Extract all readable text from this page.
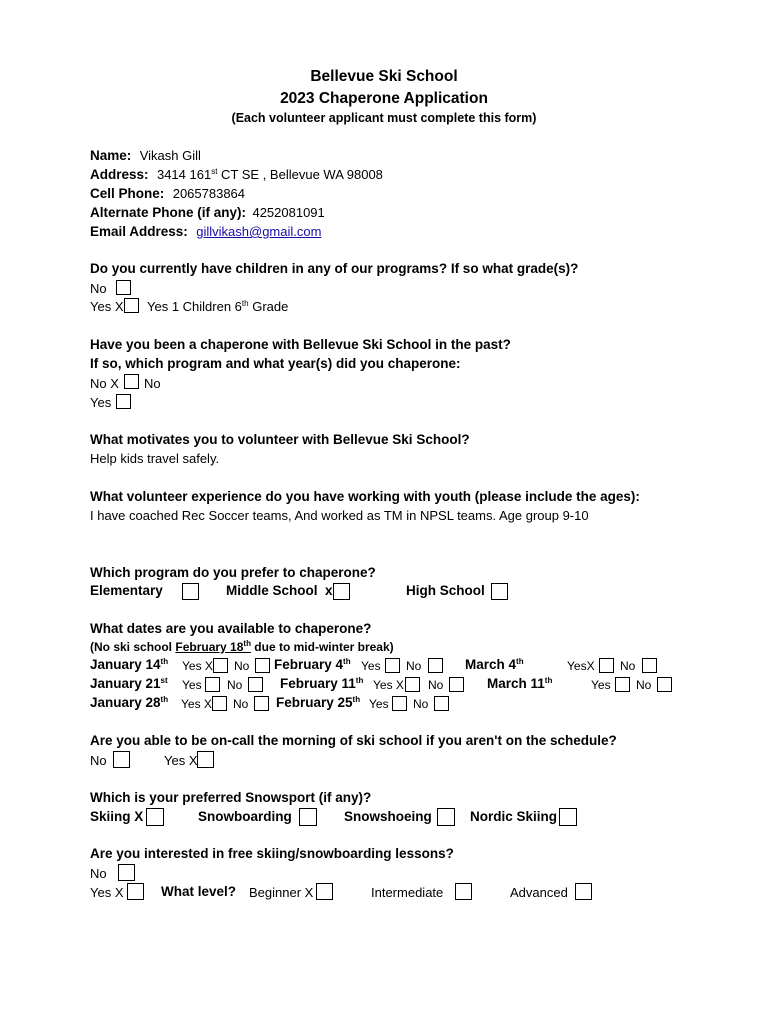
Bellevue Ski School
2023 Chaperone Application
(Each volunteer applicant must complete this form)
Name: Vikash Gill
Address: 3414 161st CT SE , Bellevue WA 98008
Cell Phone: 2065783864
Alternate Phone (if any): 4252081091
Email Address: gillvikash@gmail.com
Do you currently have children in any of our programs? If so what grade(s)?
No
Yes X Yes 1 Children 6th Grade
Have you been a chaperone with Bellevue Ski School in the past?
If so, which program and what year(s) did you chaperone:
No X No
Yes
What motivates you to volunteer with Bellevue Ski School?
Help kids travel safely.
What volunteer experience do you have working with youth (please include the ages):
I have coached Rec Soccer teams, And worked as TM in NPSL teams. Age group 9-10
Which program do you prefer to chaperone?
Elementary	Middle School x	High School
What dates are you available to chaperone?
(No ski school February 18th due to mid-winter break)
January 14th Yes X No February 4th Yes No	March 4th	YesX No
January 21st Yes No	February 11th Yes X No	March 11th	Yes No
January 28th Yes X No February 25th Yes No
Are you able to be on-call the morning of ski school if you aren't on the schedule?
No	Yes X
Which is your preferred Snowsport (if any)?
Skiing X	Snowboarding	Snowshoeing	Nordic Skiing
Are you interested in free skiing/snowboarding lessons?
No
Yes X	What level? Beginner X	Intermediate	Advanced
